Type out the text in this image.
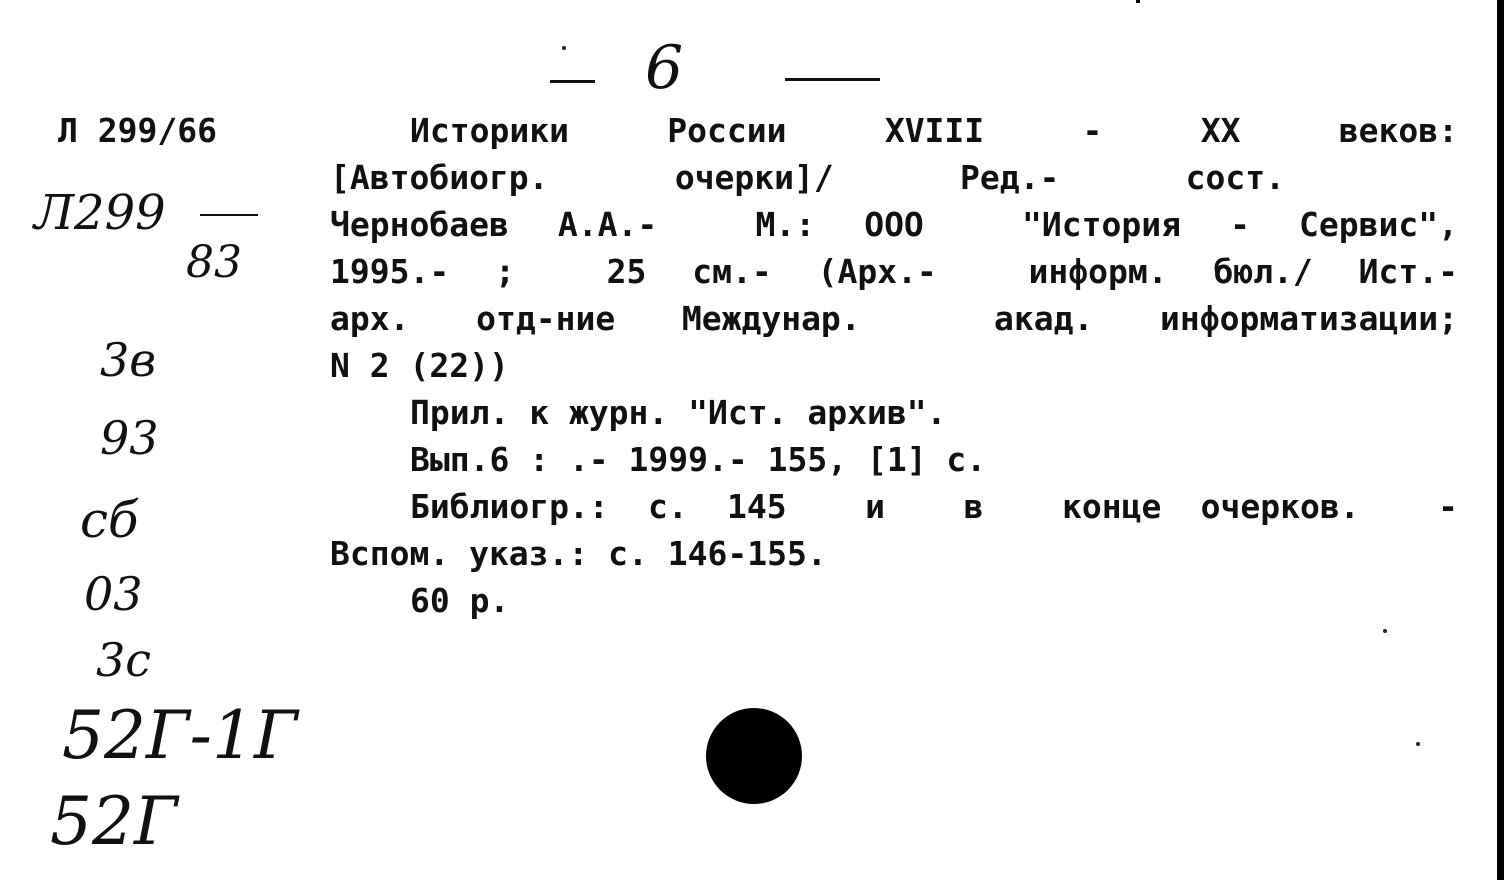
6
Л 299/66
Л299
83
3в
93
сб
03
3с
52Г-1Г
52Г
Историки  России  XVIII  -  XX  веков:
[Автобиогр.  очерки]/  Ред.-  сост.
Чернобаев А.А.-  М.: ООО  "История - Сервис",
1995.- ;  25 см.- (Арх.-  информ. бюл./ Ист.-
арх. отд-ние Междунар.  акад. информатизации;
N 2 (22))
Прил. к журн. "Ист. архив".
Вып.6 : .- 1999.- 155, [1] с.
Библиогр.: с. 145  и  в  конце очерков.  -
Вспом. указ.: с. 146-155.
60 р.
